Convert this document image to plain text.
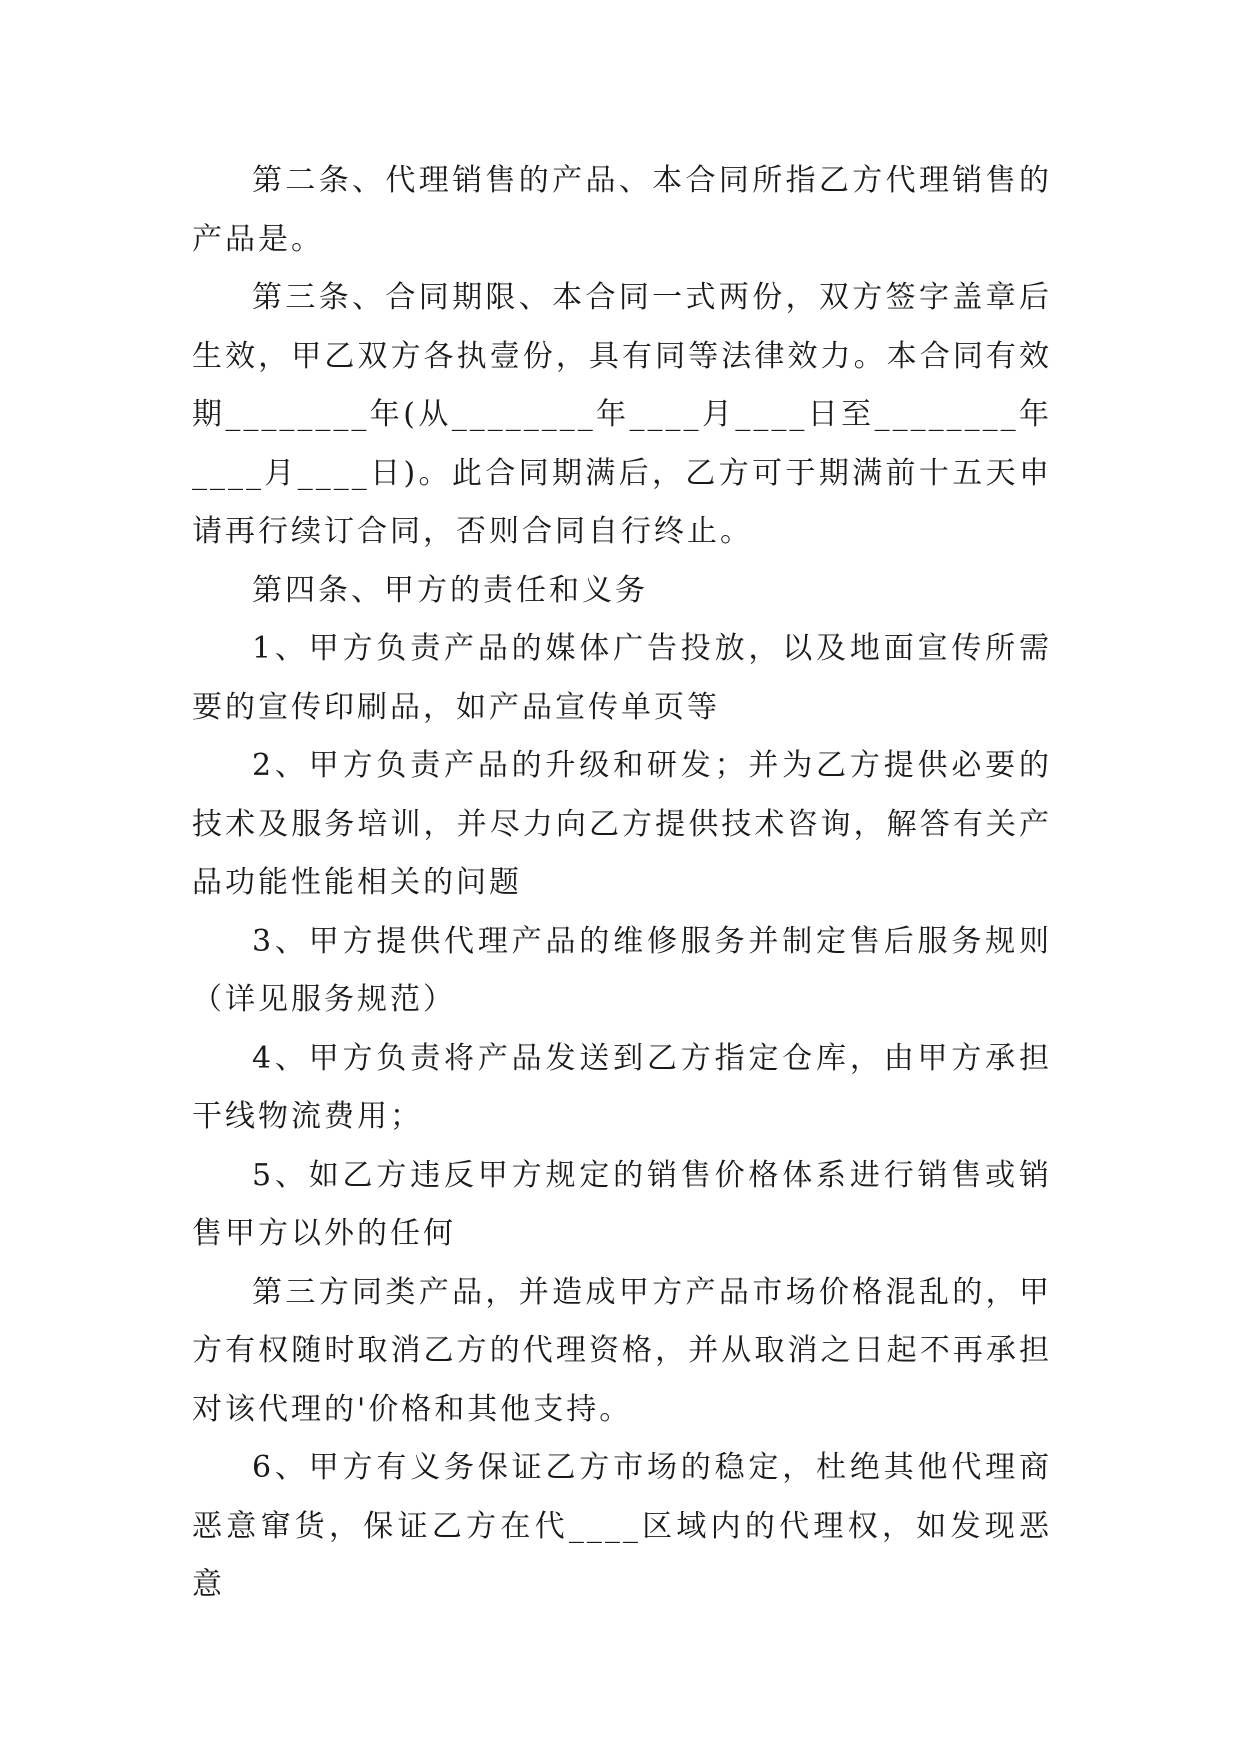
第二条、代理销售的产品、本合同所指乙方代理销售的产品是。

第三条、合同期限、本合同一式两份，双方签字盖章后生效，甲乙双方各执壹份，具有同等法律效力。本合同有效期________年(从________年____月____日至________年____月____日)。此合同期满后，乙方可于期满前十五天申请再行续订合同，否则合同自行终止。

第四条、甲方的责任和义务

1、甲方负责产品的媒体广告投放，以及地面宣传所需要的宣传印刷品，如产品宣传单页等

2、甲方负责产品的升级和研发；并为乙方提供必要的技术及服务培训，并尽力向乙方提供技术咨询，解答有关产品功能性能相关的问题

3、甲方提供代理产品的维修服务并制定售后服务规则（详见服务规范）

4、甲方负责将产品发送到乙方指定仓库，由甲方承担干线物流费用；

5、如乙方违反甲方规定的销售价格体系进行销售或销售甲方以外的任何

第三方同类产品，并造成甲方产品市场价格混乱的，甲方有权随时取消乙方的代理资格，并从取消之日起不再承担对该代理的'价格和其他支持。

6、甲方有义务保证乙方市场的稳定，杜绝其他代理商恶意窜货，保证乙方在代____区域内的代理权，如发现恶意
